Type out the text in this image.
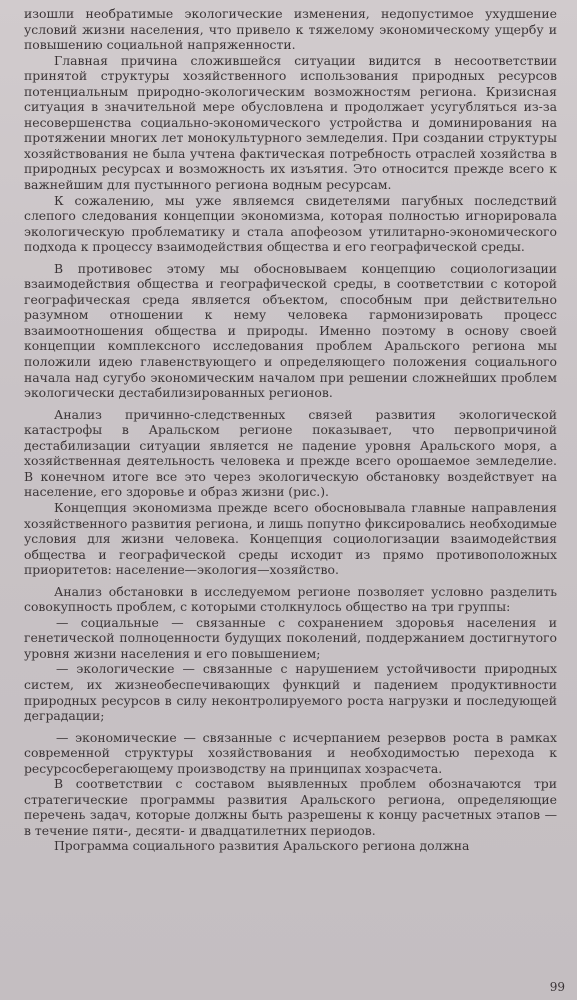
изошли необратимые экологические изменения, недопустимое ухудшение условий жизни населения, что привело к тяжелому экономическому ущербу и повышению социальной напряженности.

Главная причина сложившейся ситуации видится в несоответствии принятой структуры хозяйственного использования природных ресурсов потенциальным природно-экологическим возможностям региона. Кризисная ситуация в значительной мере обусловлена и продолжает усугубляться из-за несовершенства социально-экономического устройства и доминирования на протяжении многих лет монокультурного земледелия. При создании структуры хозяйствования не была учтена фактическая потребность отраслей хозяйства в природных ресурсах и возможность их изъятия. Это относится прежде всего к важнейшим для пустынного региона водным ресурсам.

К сожалению, мы уже являемся свидетелями пагубных последствий слепого следования концепции экономизма, которая полностью игнорировала экологическую проблематику и стала апофеозом утилитарно-экономического подхода к процессу взаимодействия общества и его географической среды.

В противовес этому мы обосновываем концепцию социологизации взаимодействия общества и географической среды, в соответствии с которой географическая среда является объектом, способным при действительно разумном отношении к нему человека гармонизировать процесс взаимоотношения общества и природы. Именно поэтому в основу своей концепции комплексного исследования проблем Аральского региона мы положили идею главенствующего и определяющего положения социального начала над сугубо экономическим началом при решении сложнейших проблем экологически дестабилизированных регионов.

Анализ причинно-следственных связей развития экологической катастрофы в Аральском регионе показывает, что первопричиной дестабилизации ситуации является не падение уровня Аральского моря, а хозяйственная деятельность человека и прежде всего орошаемое земледелие. В конечном итоге все это через экологическую обстановку воздействует на население, его здоровье и образ жизни (рис.).

Концепция экономизма прежде всего обосновывала главные направления хозяйственного развития региона, и лишь попутно фиксировались необходимые условия для жизни человека. Концепция социологизации взаимодействия общества и географической среды исходит из прямо противоположных приоритетов: население—экология—хозяйство.

Анализ обстановки в исследуемом регионе позволяет условно разделить совокупность проблем, с которыми столкнулось общество на три группы:

— социальные — связанные с сохранением здоровья населения и генетической полноценности будущих поколений, поддержанием достигнутого уровня жизни населения и его повышением;

— экологические — связанные с нарушением устойчивости природных систем, их жизнеобеспечивающих функций и падением продуктивности природных ресурсов в силу неконтролируемого роста нагрузки и последующей деградации;

— экономические — связанные с исчерпанием резервов роста в рамках современной структуры хозяйствования и необходимостью перехода к ресурсосберегающему производству на принципах хозрасчета.

В соответствии с составом выявленных проблем обозначаются три стратегические программы развития Аральского региона, определяющие перечень задач, которые должны быть разрешены к концу расчетных этапов — в течение пяти-, десяти- и двадцатилетних периодов.

Программа социального развития Аральского региона должна

99
